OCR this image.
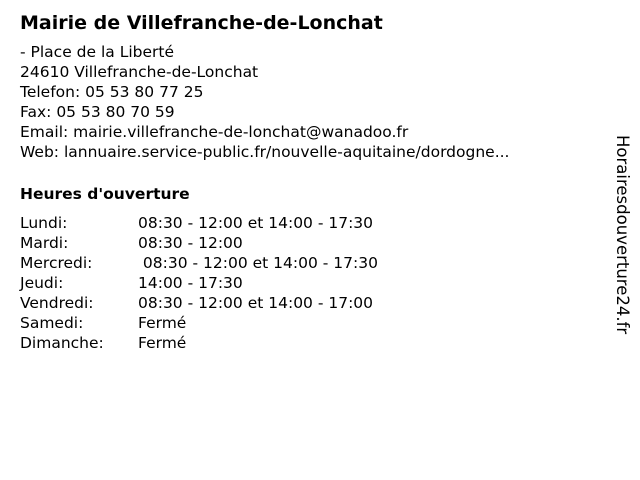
Mairie de Villefranche-de-Lonchat
- Place de la Liberté
24610 Villefranche-de-Lonchat
Telefon: 05 53 80 77 25
Fax: 05 53 80 70 59
Email: mairie.villefranche-de-lonchat@wanadoo.fr
Web: lannuaire.service-public.fr/nouvelle-aquitaine/dordogne...
Heures d'ouverture
Lundi:	08:30 - 12:00 et 14:00 - 17:30
Mardi:	08:30 - 12:00
Mercredi:	08:30 - 12:00 et 14:00 - 17:30
Jeudi:	14:00 - 17:30
Vendredi:	08:30 - 12:00 et 14:00 - 17:00
Samedi:	Fermé
Dimanche: Fermé
Horairesdouverture24.fr
